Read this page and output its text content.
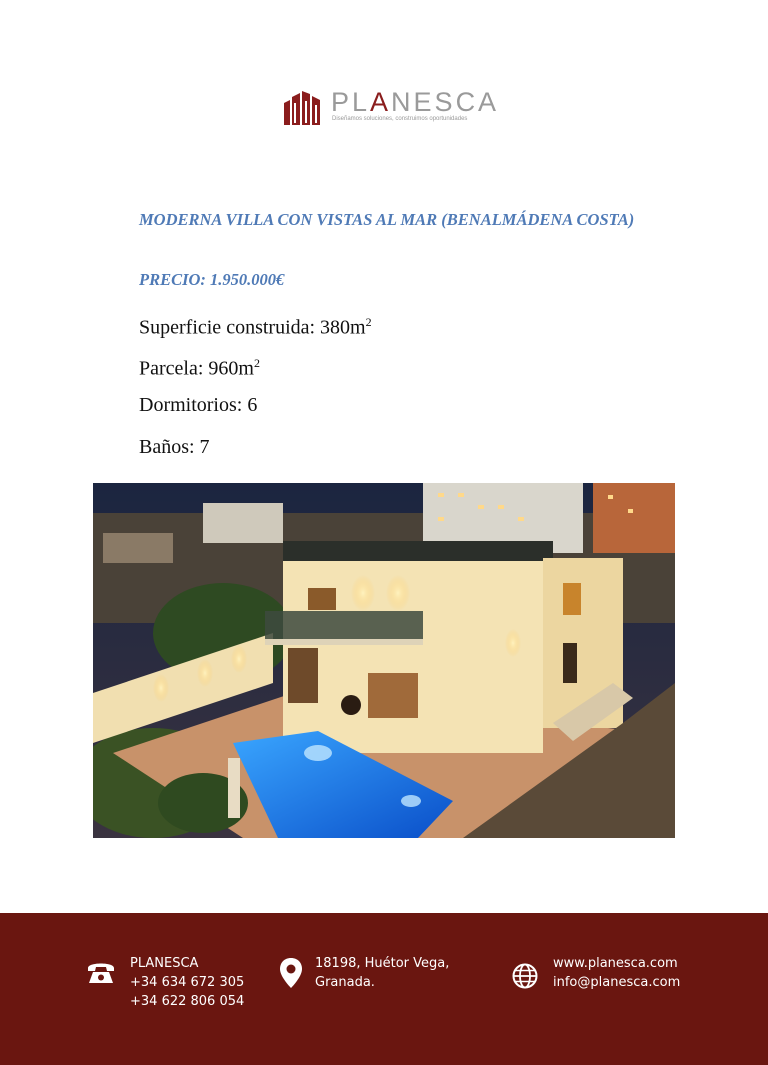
PLANESCA
Diseñamos soluciones, construimos oportunidades
MODERNA VILLA CON VISTAS AL MAR (BENALMÁDENA COSTA)
PRECIO: 1.950.000€
Superficie construida: $380m^2$
Parcela: $960m^2$
Dormitorios: 6
Baños: 7
PLANESCA
+34 634 672 305
+34 622 806 054
18198, Huétor Vega,
Granada.
www.planesca.com
info@planesca.com
